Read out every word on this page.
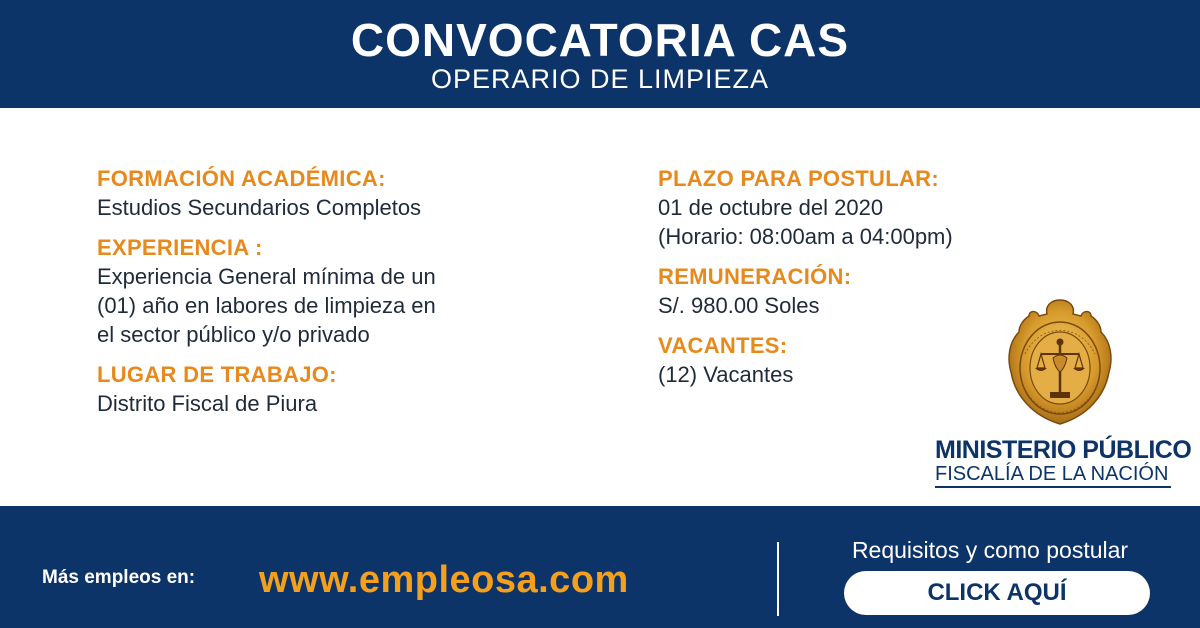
CONVOCATORIA CAS
OPERARIO DE LIMPIEZA
FORMACIÓN ACADÉMICA:
Estudios Secundarios Completos
EXPERIENCIA :
Experiencia General mínima de un
(01) año en labores de limpieza en
el sector público y/o privado
LUGAR DE TRABAJO:
Distrito Fiscal de Piura
PLAZO PARA POSTULAR:
01 de octubre del 2020
(Horario: 08:00am a 04:00pm)
REMUNERACIÓN:
S/. 980.00 Soles
VACANTES:
(12) Vacantes
MINISTERIO PÚBLICO
FISCALÍA DE LA NACIÓN
Más empleos en: www.empleosa.com
Requisitos y como postular
CLICK AQUÍ
